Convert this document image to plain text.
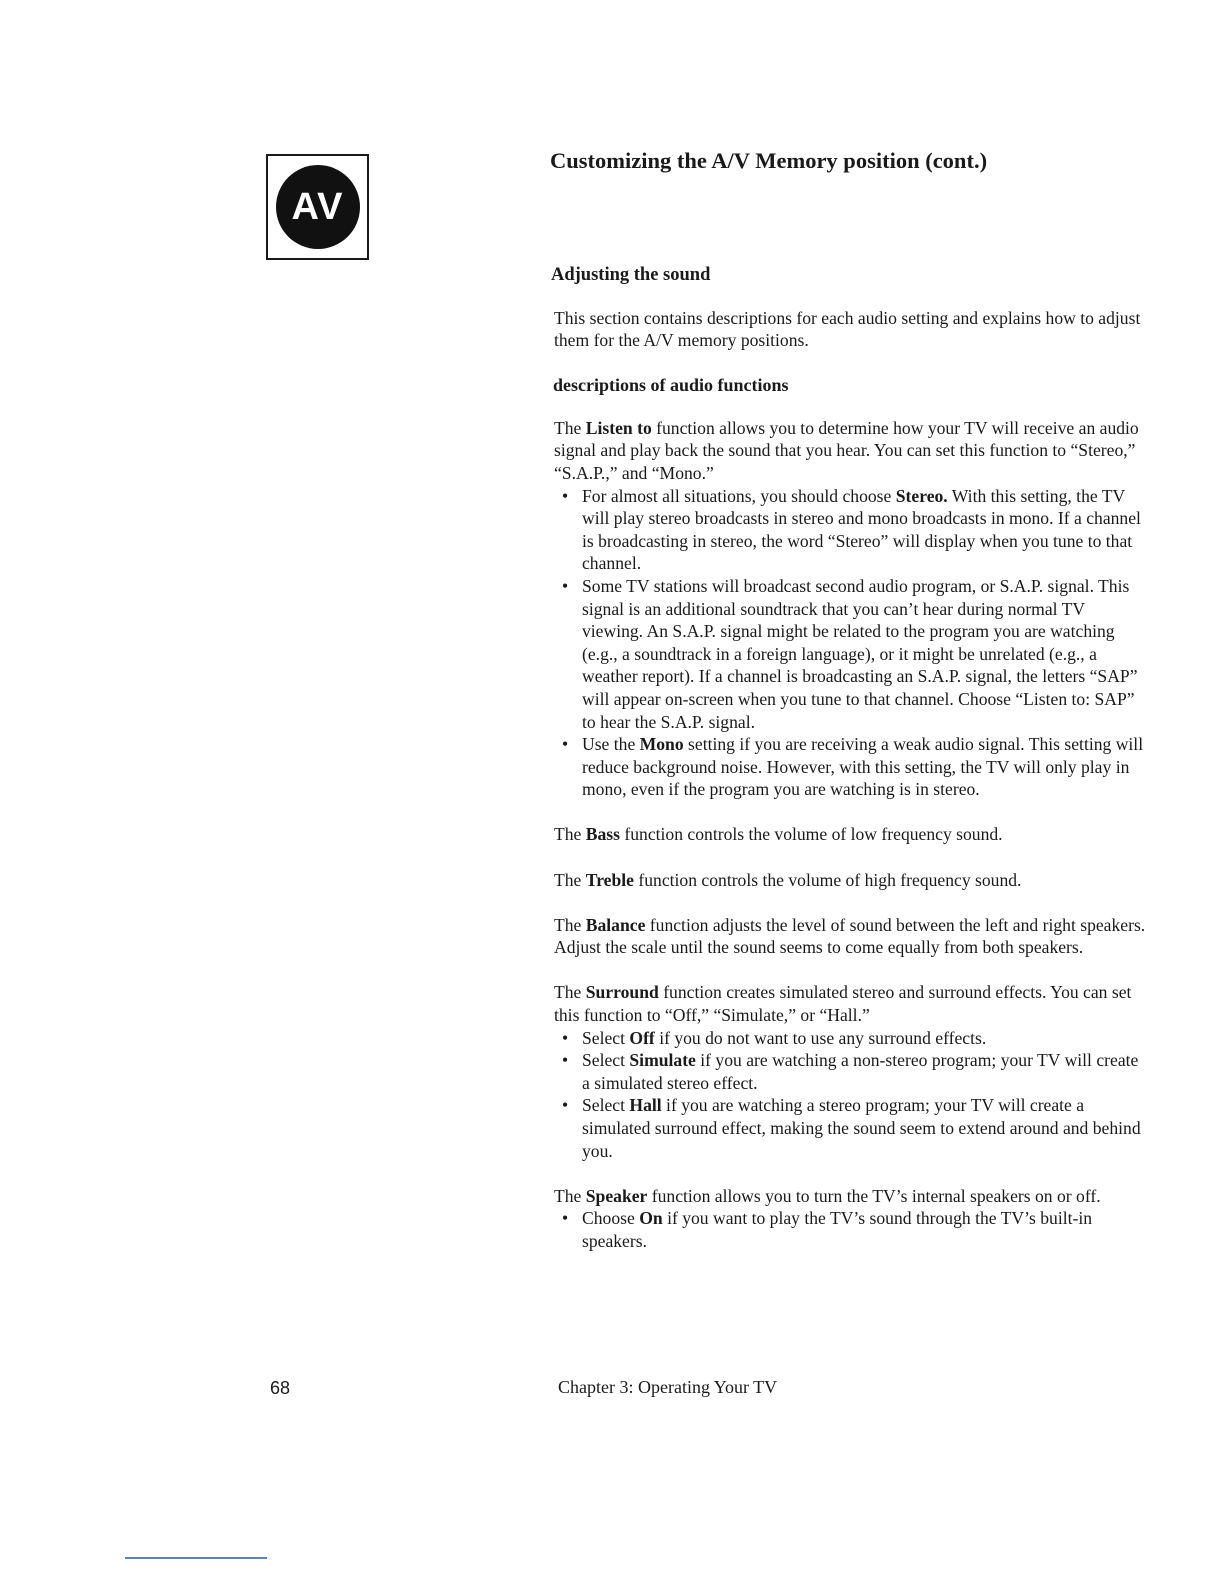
AV
Customizing the A/V Memory position (cont.)
Adjusting the sound

This section contains descriptions for each audio setting and explains how to adjust them for the A/V memory positions.

descriptions of audio functions

The Listen to function allows you to determine how your TV will receive an audio signal and play back the sound that you hear. You can set this function to “Stereo,” “S.A.P.,” and “Mono.”

• For almost all situations, you should choose Stereo. With this setting, the TV will play stereo broadcasts in stereo and mono broadcasts in mono. If a channel is broadcasting in stereo, the word “Stereo” will display when you tune to that channel.
• Some TV stations will broadcast second audio program, or S.A.P. signal. This signal is an additional soundtrack that you can’t hear during normal TV viewing. An S.A.P. signal might be related to the program you are watching (e.g., a soundtrack in a foreign language), or it might be unrelated (e.g., a weather report). If a channel is broadcasting an S.A.P. signal, the letters “SAP” will appear on-screen when you tune to that channel. Choose “Listen to: SAP” to hear the S.A.P. signal.
• Use the Mono setting if you are receiving a weak audio signal. This setting will reduce background noise. However, with this setting, the TV will only play in mono, even if the program you are watching is in stereo.

The Bass function controls the volume of low frequency sound.

The Treble function controls the volume of high frequency sound.

The Balance function adjusts the level of sound between the left and right speakers. Adjust the scale until the sound seems to come equally from both speakers.

The Surround function creates simulated stereo and surround effects. You can set this function to “Off,” “Simulate,” or “Hall.”

• Select Off if you do not want to use any surround effects.
• Select Simulate if you are watching a non-stereo program; your TV will create a simulated stereo effect.
• Select Hall if you are watching a stereo program; your TV will create a simulated surround effect, making the sound seem to extend around and behind you.

The Speaker function allows you to turn the TV’s internal speakers on or off.

• Choose On if you want to play the TV’s sound through the TV’s built-in speakers.

68	Chapter 3: Operating Your TV
